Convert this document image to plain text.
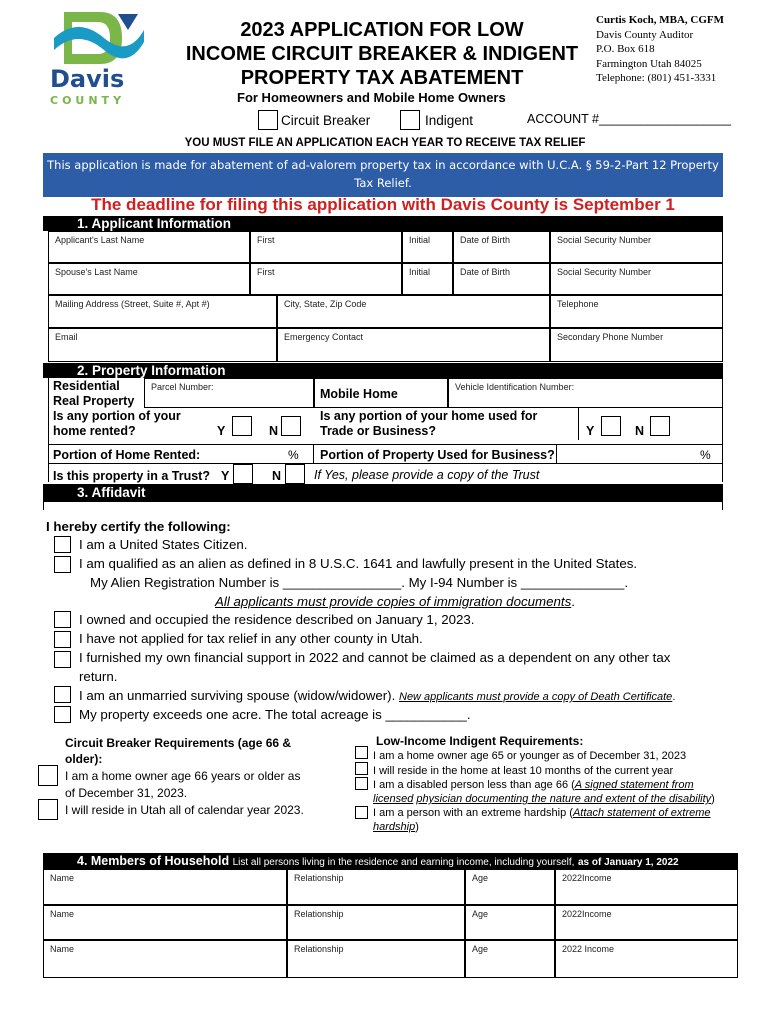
Davis
COUNTY
2023 APPLICATION FOR LOW
INCOME CIRCUIT BREAKER & INDIGENT
PROPERTY TAX ABATEMENT
Curtis Koch, MBA, CGFM
Davis County Auditor
P.O. Box 618
Farmington Utah 84025
Telephone: (801) 451-3331
For Homeowners and Mobile Home Owners
Circuit Breaker	Indigent	ACCOUNT #___________________
YOU MUST FILE AN APPLICATION EACH YEAR TO RECEIVE TAX RELIEF
This application is made for abatement of ad-valorem property tax in accordance with U.C.A. § 59-2-Part 12 Property
Tax Relief.
The deadline for filing this application with Davis County is September 1
1. Applicant Information
Applicant's Last Name	First	Initial	Date of Birth	Social Security Number
Spouse's Last Name	First	Initial	Date of Birth	Social Security Number
Mailing Address (Street, Suite #, Apt #)	City, State, Zip Code	Telephone
Email	Emergency Contact	Secondary Phone Number
2. Property Information
Residential
Real Property
Parcel Number:	Mobile Home	Vehicle Identification Number:
Is any portion of your
home rented?	Y	N
Is any portion of your home used for
Trade or Business?	Y	N
Portion of Home Rented:	% Portion of Property Used for Business?	%
Is this property in a Trust? Y	N	If Yes, please provide a copy of the Trust
3. Affidavit
I hereby certify the following:
I am a United States Citizen.
I am qualified as an alien as defined in 8 U.S.C. 1641 and lawfully present in the United States.
My Alien Registration Number is ________________. My I-94 Number is ______________.
All applicants must provide copies of immigration documents.
I owned and occupied the residence described on January 1, 2023.
I have not applied for tax relief in any other county in Utah.
I furnished my own financial support in 2022 and cannot be claimed as a dependent on any other tax
return.
I am an unmarried surviving spouse (widow/widower). New applicants must provide a copy of Death Certificate.
My property exceeds one acre. The total acreage is ___________.
Circuit Breaker Requirements (age 66 &
older):
I am a home owner age 66 years or older as
of December 31, 2023.
I will reside in Utah all of calendar year 2023.
Low-Income Indigent Requirements:
I am a home owner age 65 or younger as of December 31, 2023
I will reside in the home at least 10 months of the current year
I am a disabled person less than age 66 (A signed statement from
licensed physician documenting the nature and extent of the disability)
I am a person with an extreme hardship (Attach statement of extreme
hardship)
4. Members of Household List all persons living in the residence and earning income, including yourself, as of January 1, 2022
Name	Relationship	Age	2022Income
Name	Relationship	Age	2022Income
Name	Relationship	Age	2022 Income
